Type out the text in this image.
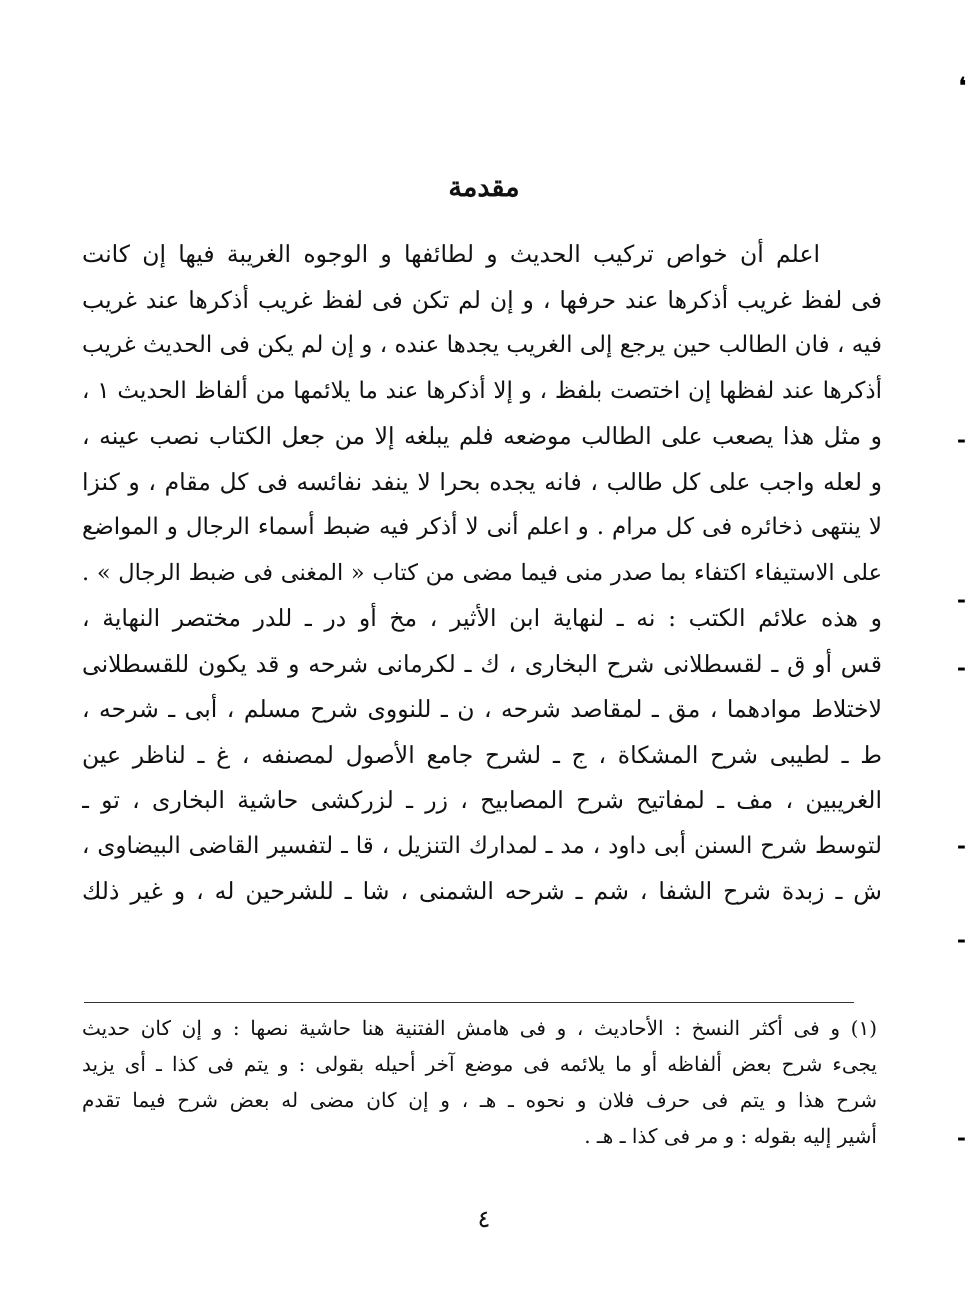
مقدمة
اعلم أن خواص تركيب الحديث و لطائفها و الوجوه الغريبة فيها إن كانت
فى لفظ غريب أذكرها عند حرفها ، و إن لم تكن فى لفظ غريب أذكرها عند غريب
فيه ، فان الطالب حين يرجع إلى الغريب يجدها عنده ، و إن لم يكن فى الحديث غريب
أذكرها عند لفظها إن اختصت بلفظ ، و إلا أذكرها عند ما يلائمها من ألفاظ الحديث ١ ،
و مثل هذا يصعب على الطالب موضعه فلم يبلغه إلا من جعل الكتاب نصب عينه ،
و لعله واجب على كل طالب ، فانه يجده بحرا لا ينفد نفائسه فى كل مقام ، و كنزا
لا ينتهى ذخائره فى كل مرام . و اعلم أنى لا أذكر فيه ضبط أسماء الرجال و المواضع
على الاستيفاء اكتفاء بما صدر منى فيما مضى من كتاب « المغنى فى ضبط الرجال » .
و هذه علائم الكتب : نه ـ لنهاية ابن الأثير ، مخ أو در ـ للدر مختصر النهاية ،
قس أو ق ـ لقسطلانى شرح البخارى ، ك ـ لكرمانى شرحه و قد يكون للقسطلانى
لاختلاط موادهما ، مق ـ لمقاصد شرحه ، ن ـ للنووى شرح مسلم ، أبى ـ شرحه ،
ط ـ لطيبى شرح المشكاة ، ج ـ لشرح جامع الأصول لمصنفه ، غ ـ لناظر عين
الغريبين ، مف ـ لمفاتيح شرح المصابيح ، زر ـ لزركشى حاشية البخارى ، تو ـ
لتوسط شرح السنن أبى داود ، مد ـ لمدارك التنزيل ، قا ـ لتفسير القاضى البيضاوى ،
ش ـ زبدة شرح الشفا ، شم ـ شرحه الشمنى ، شا ـ للشرحين له ، و غير ذلك
(١) و فى أكثر النسخ : الأحاديث ، و فى هامش الفتنية هنا حاشية نصها : و إن كان حديث
يجىء شرح بعض ألفاظه أو ما يلائمه فى موضع آخر أحيله بقولى : و يتم فى كذا ـ أى يزيد
شرح هذا و يتم فى حرف فلان و نحوه ـ هـ ، و إن كان مضى له بعض شرح فيما تقدم
أشير إليه بقوله : و مر فى كذا ـ هـ .
٤
❛
-
-
-
-
-
-
